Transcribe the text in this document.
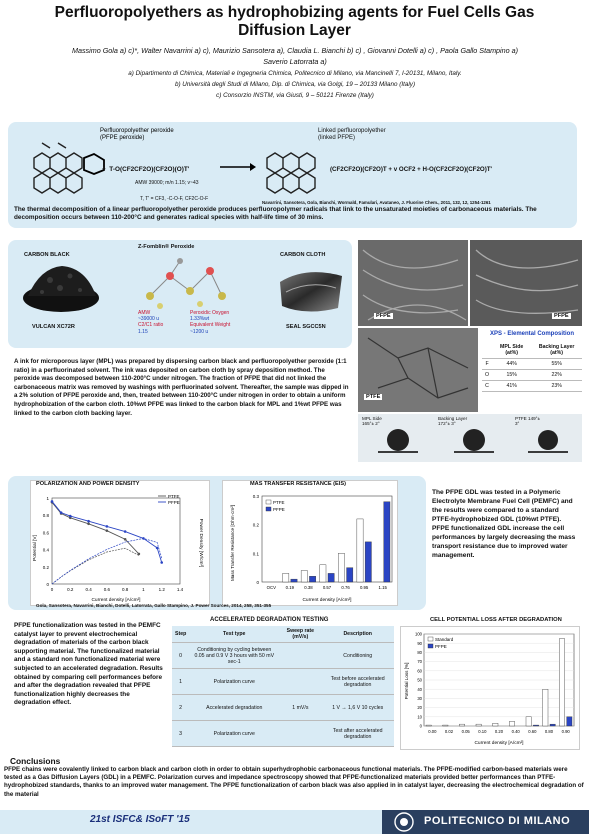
Perfluoropolyethers as hydrophobizing agents for Fuel Cells Gas
Diffusion Layer
Massimo Gola a) c)*, Walter Navarrini a) c), Maurizio Sansotera a), Claudia L. Bianchi b) c) , Giovanni Dotelli a) c) , Paola Gallo Stampino a)
Saverio Latorrata a)
a) Dipartimento di Chimica, Materiali e Ingegneria Chimica, Politecnico di Milano, via Mancinelli 7, I-20131, Milano, Italy.
b) Università degli Studi di Milano, Dip. di Chimica, via Golgi, 19 – 20133 Milano (Italy)
c) Consorzio INSTM, via Giusti, 9 – 50121 Firenze (Italy)
Perfluoropolyether peroxide
(PFPE peroxide)
+  T-O(CF2CF2O)(CF2O)(O)T'
AMW 39000; m/n 1.15; v~43
T, T' = CF3, -C-O-F, CF2C-O-F
Linked perfluoropolyether
(linked PFPE)
(CF2CF2O)(CF2O)T + v OCF2 + H-O(CF2CF2O)(CF2O)T'
Navarrini, Sansotera, Gola, Bianchi, Wormald, Famulari, Avataneo, J. Fluorine Chem., 2011, 132, 12, 1254-1261
The thermal decomposition of a linear perfluoropolyether peroxide produces perfluoropolymer radicals that link to the unsaturated moieties of carbonaceous materials. The decomposition occurs between 110-200°C and generates radical species with half-life time of 30 mins.
CARBON BLACK
VULCAN XC72R
Z-Fomblin® Peroxide
AMW
~39000 u
C2/C1 ratio
1.15
Peroxidic Oxygen
1.33%wt
Equivalent Weight
~1200 u
CARBON CLOTH
SEAL SGCC5N
PFPE	PFPE
PTFE
XPS - Elemental Composition
	MPL Side (at%)	Backing Layer (at%)
F	44%	55%
O	15%	22%
C	41%	23%
MPL Side 165°± 2°
Backing Layer 172°± 3°
PTFE 149°± 3°
A ink for microporous layer (MPL) was prepared by dispersing carbon black and perfluoropolyether peroxide (1:1 ratio) in a perfluorinated solvent. The ink was deposited on carbon cloth by spray deposition method. The peroxide was decomposed between 110-200°C under nitrogen. The fraction of PFPE that did not linked the carbonaceous matrix was removed by washings with perfluorinated solvent. Thereafter, the sample was dipped in a 2% solution of PFPE peroxide and, then, treated between 110-200°C under nitrogen in order to obtain a uniform hydrophobization of the carbon cloth. 10%wt PFPE was linked to the carbon black for MPL and 1%wt PFPE was linked to the carbon cloth backing layer.
POLARIZATION AND POWER DENSITY
0
0.2
0.4
0.6
0.8
1
0	0.2	0.4	0.6	0.8	1	1.2	1.4
Potential [V]	Power Density [W/cm²]
Current density [A/cm²]
PTFE
PFPE
MAS TRANSFER RESISTANCE (EIS)
0
0.1
0.2
0.3
OCV 0.19 0.38 0.57 0.76 0.95 1.15
Mass Transfer Resistance [Ohm·cm²]
Current density [A/cm²]
PTFE
PFPE
Gola, Sansotera, Navarrini, Bianchi, Dotelli, Latorrata, Gallo Stampino, J. Power Sources, 2014, 258, 351-355
The PFPE GDL was tested in a Polymeric Electrolyte Membrane Fuel Cell (PEMFC) and the results were compared to a standard PTFE-hydrophobized GDL (10%wt PTFE). PFPE functionalized GDL increase the cell performances by largely decreasing the mass transport resistance due to improved water management.
PFPE functionalization was tested in the PEMFC catalyst layer to prevent electrochemical degradation of materials of the carbon black supporting material. The functionalized material and a standard non functionalized material were subjected to an accelerated degradation. Results obtained by comparing cell performances before and after the degradation revealed that PFPE functionalization highly decreases the degradation effect.
ACCELERATED DEGRADATION TESTING
Step	Test type	Sweep rate (mV/s)	Description
0	Conditioning by cycling between 0.05 and 0.9 V 3 hours with 50 mV sec-1		Conditioning
1	Polarization curve		Test before accelerated degradation
2	Accelerated degradation	1 mV/s	1 V → 1,6 V 10 cycles
3	Polarization curve		Test after accelerated degradation
CELL POTENTIAL LOSS AFTER DEGRADATION
0
10
20
30
40
50
60
70
80
90
100
0.00 0.02 0.05 0.10 0.20 0.40 0.60 0.80 0.90
Potential Loss [%]
Current density [A/cm²]
Standard
PFPE
Conclusions
PFPE chains were covalently linked to carbon black and carbon cloth in order to obtain superhydrophobic carbonaceous functional materials. The PFPE-modified carbon-based materials were tested as a Gas Diffusion Layers (GDL) in a PEMFC. Polarization curves and impedance spectroscopy showed that PFPE-functionalized materials provided better performances than PTFE-hydrophobized standards, thanks to an improved water management. The PFPE functionalization of carbon black was also applied in in catalyst layer, decreasing the electrochemical degradation of the material
21st ISFC& ISoFT '15	POLITECNICO DI MILANO
